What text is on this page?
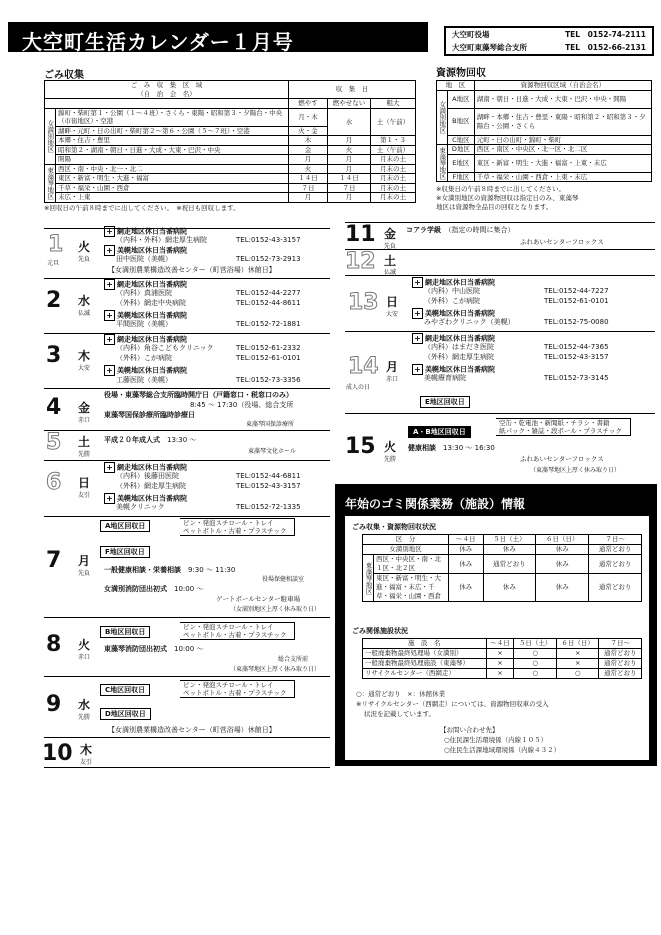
大空町生活カレンダー１月号	大空町役場	TEL　0152-74-2111
大空町東藻琴総合支所	TEL　0152-66-2131
ごみ収集
ご　み　収　集　区　域
（自　治　会　名）		収　集　日		
		燃やす	燃やせない	粗大
女満別地区	錦町・柴町第１・公園（１～４班）・さくら・東陽・昭和第３・夕陽台・中央（市街地区）・空港	月・木	水	土（午前）
	湖畔・元町・日の出町・柴町第２～第６・公園（５～７班）・空港	火・金		
	本郷・住吉・豊里	木	月	第１・３
	昭和第２・湖南・朝日・日進・大成・大東・巴沢・中央	金	火	土（午前）
	開陽	月	月	月末の土
東藻琴地区	西区・南・中央・北一・北二	火	月	月末の土
	東区・新富・明生・大進・福富	１４日	１４日	月末の土
	千草・福栄・山園・西倉	７日	７日	月末の土
	末広・上東	月	月	月末の土
※回収日の午前８時までに出してください。　※祝日も回収します。
資源物回収
地　区		資源物回収区域（自治会名）
女満別地区	A地区	湖南・朝日・日進・大成・大東・巴沢・中央・開陽
	B地区	湖畔・本郷・住吉・豊里・東陽・昭和第２・昭和第３・夕陽台・公園・さくら
	C地区	元町・日の出町・錦町・柴町
東藻琴地区	D地区	西区・南区・中央区・北一区・北二区
	E地区	東区・新富・明生・大進・福富・上東・末広
	F地区	千草・福栄・山園・西倉・上東・末広
※収集日の午前８時までに出してください。
※女満別地区の資源物回収は指定日のみ、東藻琴
地区は資源物全品目の回収となります。
1 火
先負
元旦
+ 網走地区休日当番病院
（内科・外科）網走厚生病院	TEL:0152-43-3157
+ 美幌地区休日当番病院
田中医院（美幌）	TEL:0152-73-2913
【女満別農業構造改善センター（町営浴場）休館日】
2 水
仏滅
+ 網走地区休日当番病院
（内科）真浦医院	TEL:0152-44-2277
（外科）網走中央病院	TEL:0152-44-8611
+ 美幌地区休日当番病院
平間医院（美幌）	TEL:0152-72-1881
3 木
大安
+ 網走地区休日当番病院
（内科）角谷こどもクリニック	TEL:0152-61-2332
（外科）こが病院	TEL:0152-61-0101
+ 美幌地区休日当番病院
工藤医院（美幌）	TEL:0152-73-3356
4 金
赤口
役場・東藻琴総合支所臨時開庁日（戸籍窓口・税窓口のみ）
8:45 ～ 17:30（役場、総合支所
東藻琴国保診療所臨時診療日
東藻琴国保診療所
5 土
先勝
平成２０年成人式　 13:30 ～
東藻琴文化ホール
6 日
友引
+ 網走地区休日当番病院
（内科）後藤田医院	TEL:0152-44-6811
（外科）網走厚生病院	TEL:0152-43-3157
+ 美幌地区休日当番病院
美幌クリニック	TEL:0152-72-1335
7 月
先負
A地区回収日	ビン・発泡スチロール・トレイ
ペットボトル・古着・プラスチック
F地区回収日
一般健康相談・栄養相談　 9:30 ～ 11:30
役場保健相談室
女満別消防団出初式　 10:00 ～
ゲートボールセンター駐車場
（女満別地区上厚く休み取り日）
8 火
赤口
B地区回収日
ビン・発泡スチロール・トレイ
ペットボトル・古着・プラスチック
東藻琴消防団出初式　 10:00 ～
総合支所前
（東藻琴地区上厚く休み取り日）
9 水
先勝
C地区回収日
ビン・発泡スチロール・トレイ
ペットボトル・古着・プラスチック
D地区回収日
【女満別農業構造改善センター（町営浴場）休館日】
10 木
友引
11 金
先負
コアラ学級　 （指定の時間に集合）
ふれあいセンターフロックス
12 土
仏滅
13 日
大安
+ 網走地区休日当番病院
（内科）中山医院	TEL:0152-44-7227
（外科）こが病院	TEL:0152-61-0101
+ 美幌地区休日当番病院
みやざわクリニック（美幌）	TEL:0152-75-0080
14 月
赤口
成人の日
+ 網走地区休日当番病院
（内科）はまだき医院	TEL:0152-44-7365
（外科）網走厚生病院	TEL:0152-43-3157
+ 美幌地区休日当番病院
美幌療育病院	TEL:0152-73-3145
E地区回収日
15 火
先勝
A・B地区回収日
空缶・乾電池・新聞紙・チラシ・書籍
紙パック・雑誌・段ボール・プラスチック
健康相談　 13:30 ～ 16:30
ふれあいセンターフロックス
（東藻琴地区上厚く休み取り日）
年始のゴミ関係業務（施設）情報
ごみ収集・資源物回収状況
区　分		～４日	５日（土）	６日（日）	７日～
女満別地区		休み	休み	休み	通常どおり
東藻琴地区	西区・中央区・南・北１区・北２区	休み	通常どおり	休み	通常どおり
	東区・新富・明生・大進・福富・末広・千草・福栄・山園・西倉	休み	休み	休み	通常どおり
ごみ関係施設状況
施　設　名	～４日	５日（土）	６日（日）	７日～
一般廃棄物最終処理場（女満別）	×	○	×	通常どおり
一般廃棄物最終処理施設（東藻琴）	×	○	×	通常どおり
リサイクルセンター（西網走）	×	○	○	通常どおり
○：通常どおり　×：休館休業
※リサイクルセンター（西網走）については、資源物回収車の受入
状況を記載しています。
【お問い合わせ先】
○住民課生活環境係（内線１０５）
○住民生活課地域環境係（内線４３２）
